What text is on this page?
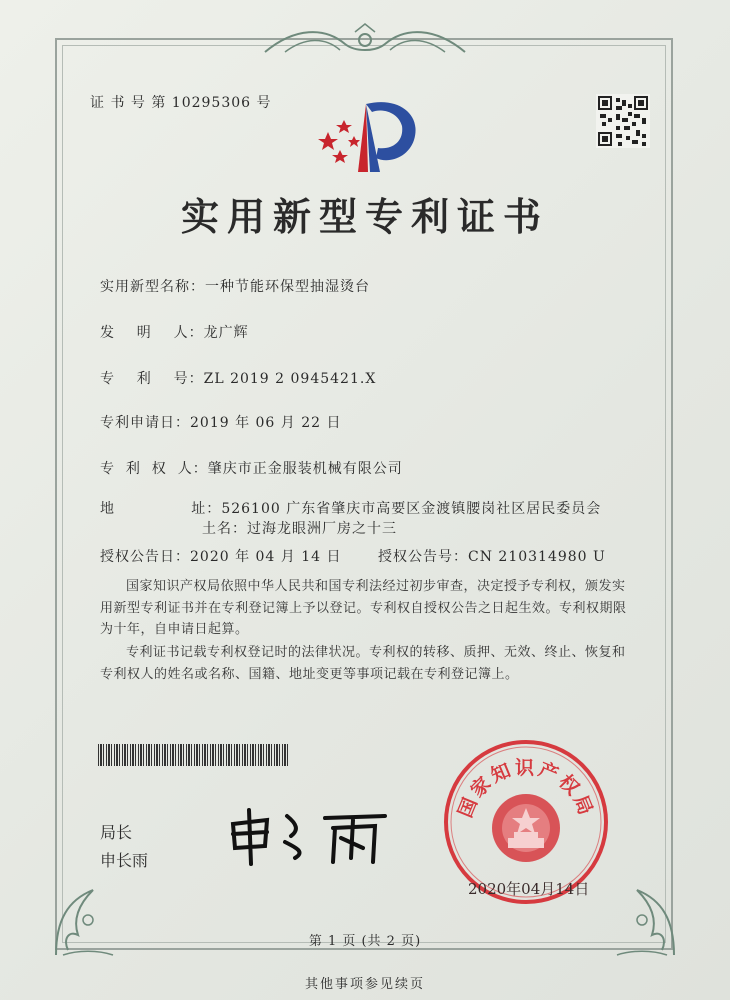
证 书 号 第 10295306 号
实用新型专利证书
实用新型名称：一种节能环保型抽湿烫台
发    明    人：龙广辉
专    利    号：ZL 2019 2 0945421.X
专利申请日：2019 年 06 月 22 日
专  利  权  人：肇庆市正金服装机械有限公司
地              址：526100 广东省肇庆市高要区金渡镇腰岗社区居民委员会
土名：过海龙眼洲厂房之十三
授权公告日：2020 年 04 月 14 日	授权公告号：CN 210314980 U
国家知识产权局依照中华人民共和国专利法经过初步审查，决定授予专利权，颁发实用新型专利证书并在专利登记簿上予以登记。专利权自授权公告之日起生效。专利权期限为十年，自申请日起算。
专利证书记载专利权登记时的法律状况。专利权的转移、质押、无效、终止、恢复和专利权人的姓名或名称、国籍、地址变更等事项记载在专利登记簿上。
局长
申长雨
国家知识产权局
2020年04月14日
第 1 页 (共 2 页)
其他事项参见续页
